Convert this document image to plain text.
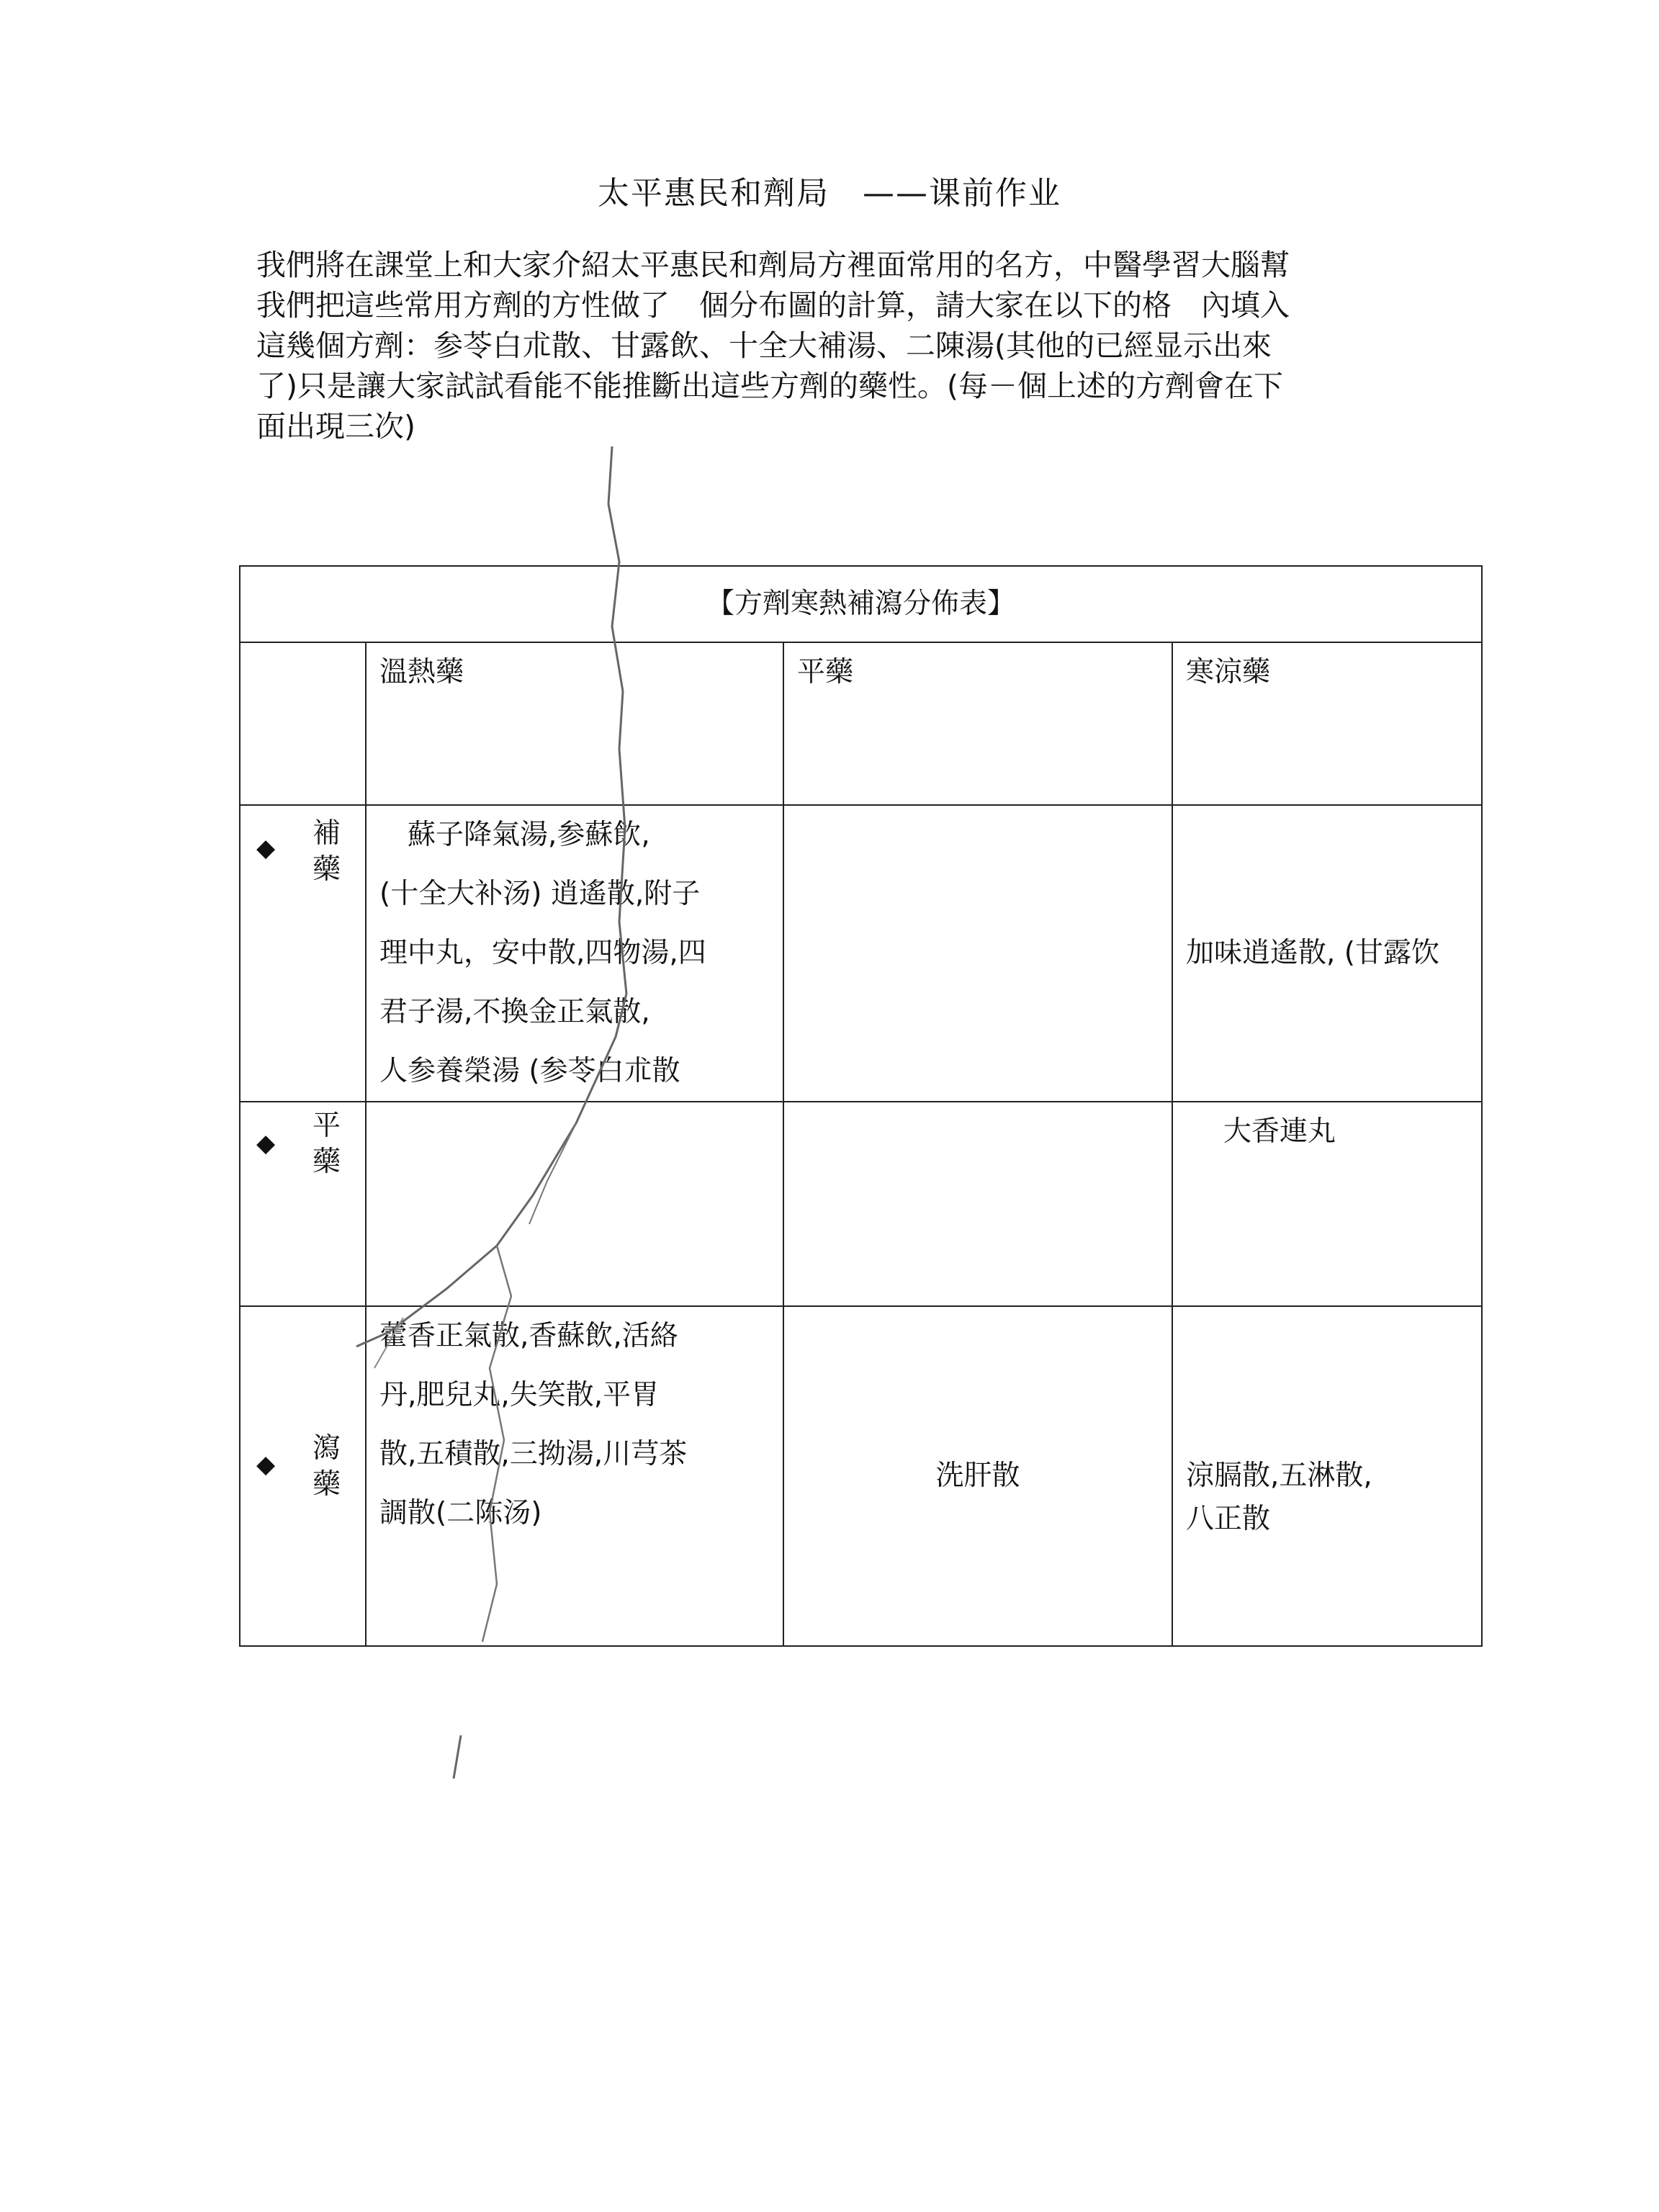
太平惠民和劑局　——课前作业

我們將在課堂上和大家介紹太平惠民和劑局方裡面常用的名方，中醫學習大腦幫

我們把這些常用方劑的方性做了　個分布圖的計算，請大家在以下的格　內填入

這幾個方劑：参苓白朮散、甘露飲、十全大補湯、二陳湯(其他的已經显示出來

了)只是讓大家試試看能不能推斷出這些方劑的藥性。(每－個上述的方劑會在下

面出現三次)

【方劑寒熱補瀉分佈表】			
	溫熱藥	平藥	寒涼藥

◆ 補藥	　蘇子降氣湯,参蘇飲,
(十全大补汤) 逍遙散,附子
理中丸，安中散,四物湯,四
君子湯,不換金正氣散,
人参養榮湯 (参苓白朮散		加味逍遙散, (甘露饮

◆
平藥			大香連丸

◆ 瀉藥	藿香正氣散,香蘇飲,活絡
丹,肥兒丸,失笑散,平胃
散,五積散,三拗湯,川芎茶
調散(二陈汤)	洗肝散	涼膈散,五淋散,
八正散
